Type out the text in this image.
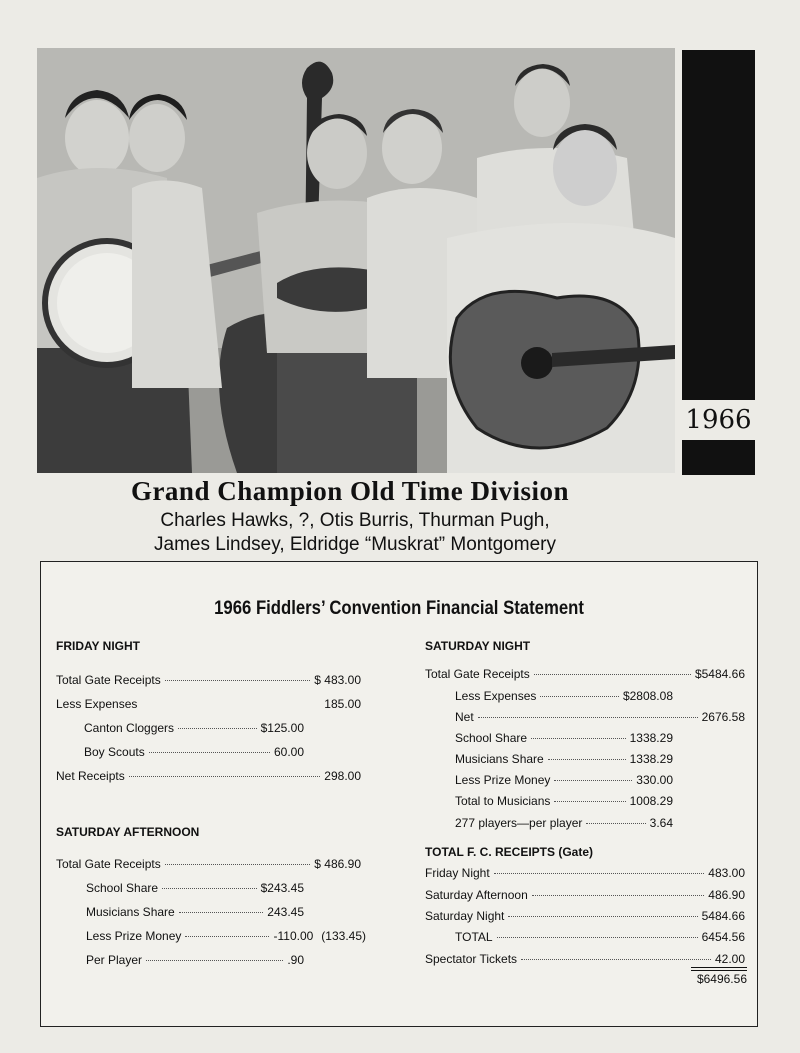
1966
Grand Champion Old Time Division
Charles Hawks, ?, Otis Burris, Thurman Pugh,
James Lindsey, Eldridge “Muskrat” Montgomery
1966 Fiddlers’ Convention Financial Statement
FRIDAY NIGHT
Total Gate Receipts	$ 483.00
Less Expenses	185.00
Canton Cloggers	$125.00
Boy Scouts	60.00
Net Receipts	298.00
SATURDAY AFTERNOON
Total Gate Receipts	$ 486.90
School Share	$243.45
Musicians Share	243.45
Less Prize Money	-110.00 (133.45)
Per Player	.90
SATURDAY NIGHT
Total Gate Receipts	$5484.66
Less Expenses	$2808.08
Net	2676.58
School Share	1338.29
Musicians Share	1338.29
Less Prize Money	330.00
Total to Musicians	1008.29
277 players—per player	3.64
TOTAL F. C. RECEIPTS (Gate)
Friday Night	483.00
Saturday Afternoon	486.90
Saturday Night	5484.66
TOTAL	6454.56
Spectator Tickets	42.00
$6496.56
